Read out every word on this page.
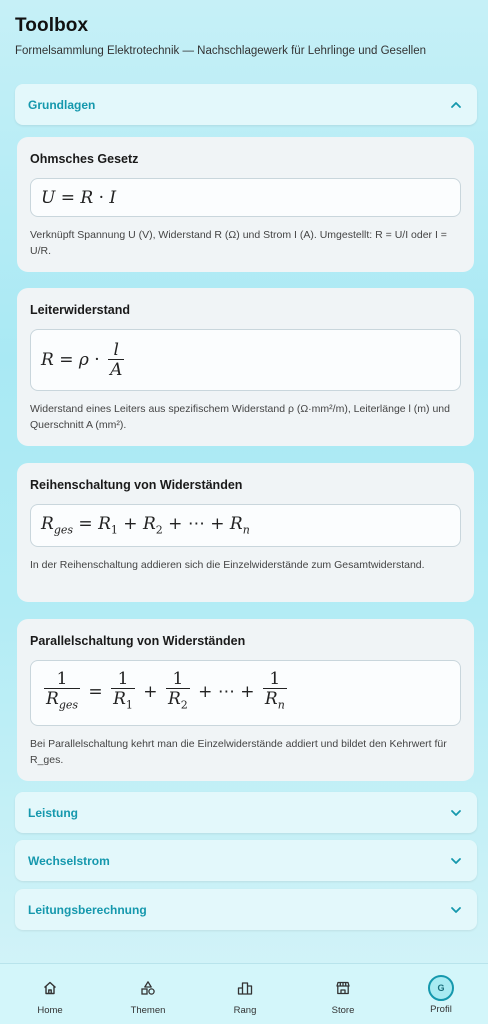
Toolbox
Formelsammlung Elektrotechnik — Nachschlagewerk für Lehrlinge und Gesellen
Grundlagen
Ohmsches Gesetz
U = R · I
Verknüpft Spannung U (V), Widerstand R (Ω) und Strom I (A). Umgestellt: R = U/I oder I = U/R.
Leiterwiderstand
$R = \rho \cdot \frac{l}{A}$
Widerstand eines Leiters aus spezifischem Widerstand ρ (Ω·mm²/m), Leiterlänge l (m) und Querschnitt A (mm²).
Reihenschaltung von Widerständen
$R_{ges} = R_1 + R_2$ + ⋯ + $R_n$
In der Reihenschaltung addieren sich die Einzelwiderstände zum Gesamtwiderstand.
Parallelschaltung von Widerständen
$\frac{1}{R_{ges}} = \frac{1}{R_1} + \frac{1}{R_2}$ + ⋯ + $\frac{1}{R_n}$
Bei Parallelschaltung kehrt man die Einzelwiderstände addiert und bildet den Kehrwert für R_ges.
Leistung
Wechselstrom
Leitungsberechnung
Home	Themen	Rang	Store
G
Profil
